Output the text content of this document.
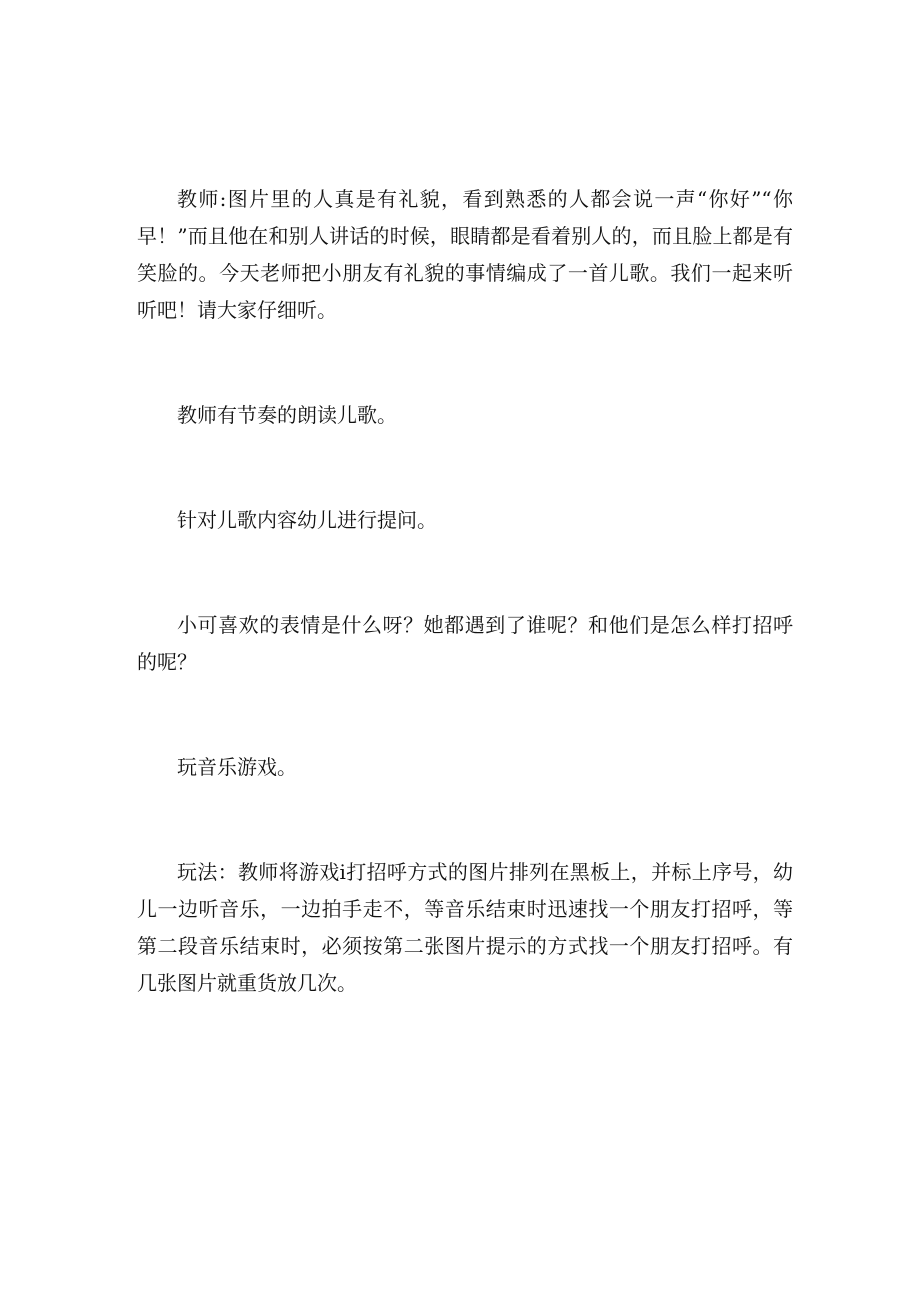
教师:图片里的人真是有礼貌，看到熟悉的人都会说一声“你好”“你早！”而且他在和别人讲话的时候，眼睛都是看着别人的，而且脸上都是有笑脸的。今天老师把小朋友有礼貌的事情编成了一首儿歌。我们一起来听听吧！请大家仔细听。

教师有节奏的朗读儿歌。

针对儿歌内容幼儿进行提问。

小可喜欢的表情是什么呀？她都遇到了谁呢？和他们是怎么样打招呼的呢？

玩音乐游戏。

玩法：教师将游戏i打招呼方式的图片排列在黑板上，并标上序号，幼儿一边听音乐，一边拍手走不，等音乐结束时迅速找一个朋友打招呼，等第二段音乐结束时，必须按第二张图片提示的方式找一个朋友打招呼。有几张图片就重货放几次。
